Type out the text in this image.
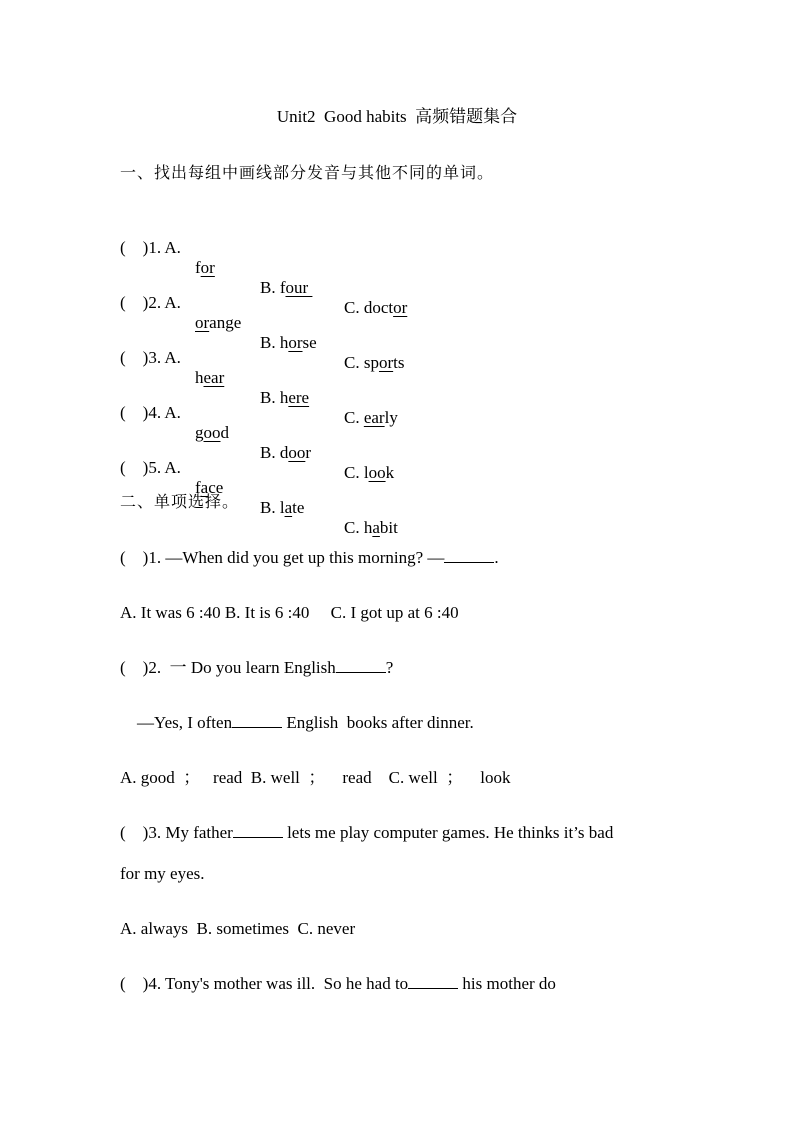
Unit2  Good habits  高频错题集合
一、找出每组中画线部分发音与其他不同的单词。

(    )1. A.

for

B. four

C. doctor

(    )2. A.

orange

B. horse

C. sports

(    )3. A.

hear

B. here

C. early

(    )4. A.

good

B. door

C. look

(    )5. A.

face

B. late

C. habit

二、单项选择。
(    )1. —When did you get up this morning? —	.
A. It was 6 :40 B. It is 6 :40     C. I got up at 6 :40
(    )2.  一 Do you learn English	?
—Yes, I often	English  books after dinner.
A. good  ；   read  B. well  ；    read    C. well  ；    look
(    )3. My father	lets me play computer games. He thinks it’s bad
for my eyes.
A. always  B. sometimes  C. never
(    )4. Tony's mother was ill.  So he had to	his mother do
